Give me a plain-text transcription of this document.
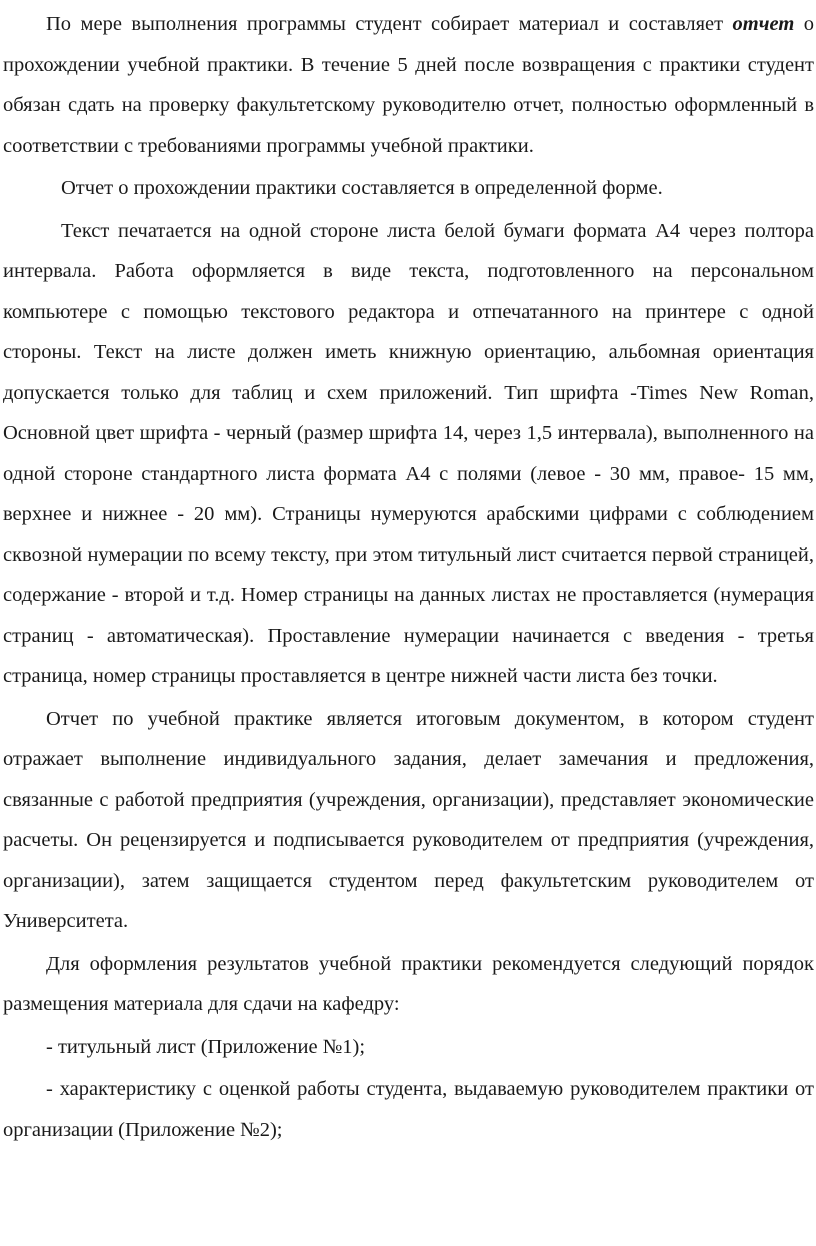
По мере выполнения программы студент собирает материал и составляет отчет о прохождении учебной практики. В течение 5 дней после возвращения с практики студент обязан сдать на проверку факультетскому руководителю отчет, полностью оформленный в соответствии с требованиями программы учебной практики.

Отчет о прохождении практики составляется в определенной форме.

Текст печатается на одной стороне листа белой бумаги формата А4 через полтора интервала. Работа оформляется в виде текста, подготовленного на персональном компьютере с помощью текстового редактора и отпечатанного на принтере с одной стороны. Текст на листе должен иметь книжную ориентацию, альбомная ориентация допускается только для таблиц и схем приложений. Тип шрифта -Times New Roman, Основной цвет шрифта - черный (размер шрифта 14, через 1,5 интервала), выполненного на одной стороне стандартного листа формата А4 с полями (левое - 30 мм, правое- 15 мм, верхнее и нижнее - 20 мм). Страницы нумеруются арабскими цифрами с соблюдением сквозной нумерации по всему тексту, при этом титульный лист считается первой страницей, содержание - второй и т.д. Номер страницы на данных листах не проставляется (нумерация страниц - автоматическая). Проставление нумерации начинается с введения - третья страница, номер страницы проставляется в центре нижней части листа без точки.

Отчет по учебной практике является итоговым документом, в котором студент отражает выполнение индивидуального задания, делает замечания и предложения, связанные с работой предприятия (учреждения, организации), представляет экономические расчеты. Он рецензируется и подписывается руководителем от предприятия (учреждения, организации), затем защищается студентом перед факультетским руководителем от Университета.

Для оформления результатов учебной практики рекомендуется следующий порядок размещения материала для сдачи на кафедру:

- титульный лист (Приложение №1);

- характеристику с оценкой работы студента, выдаваемую руководителем практики от организации (Приложение №2);
